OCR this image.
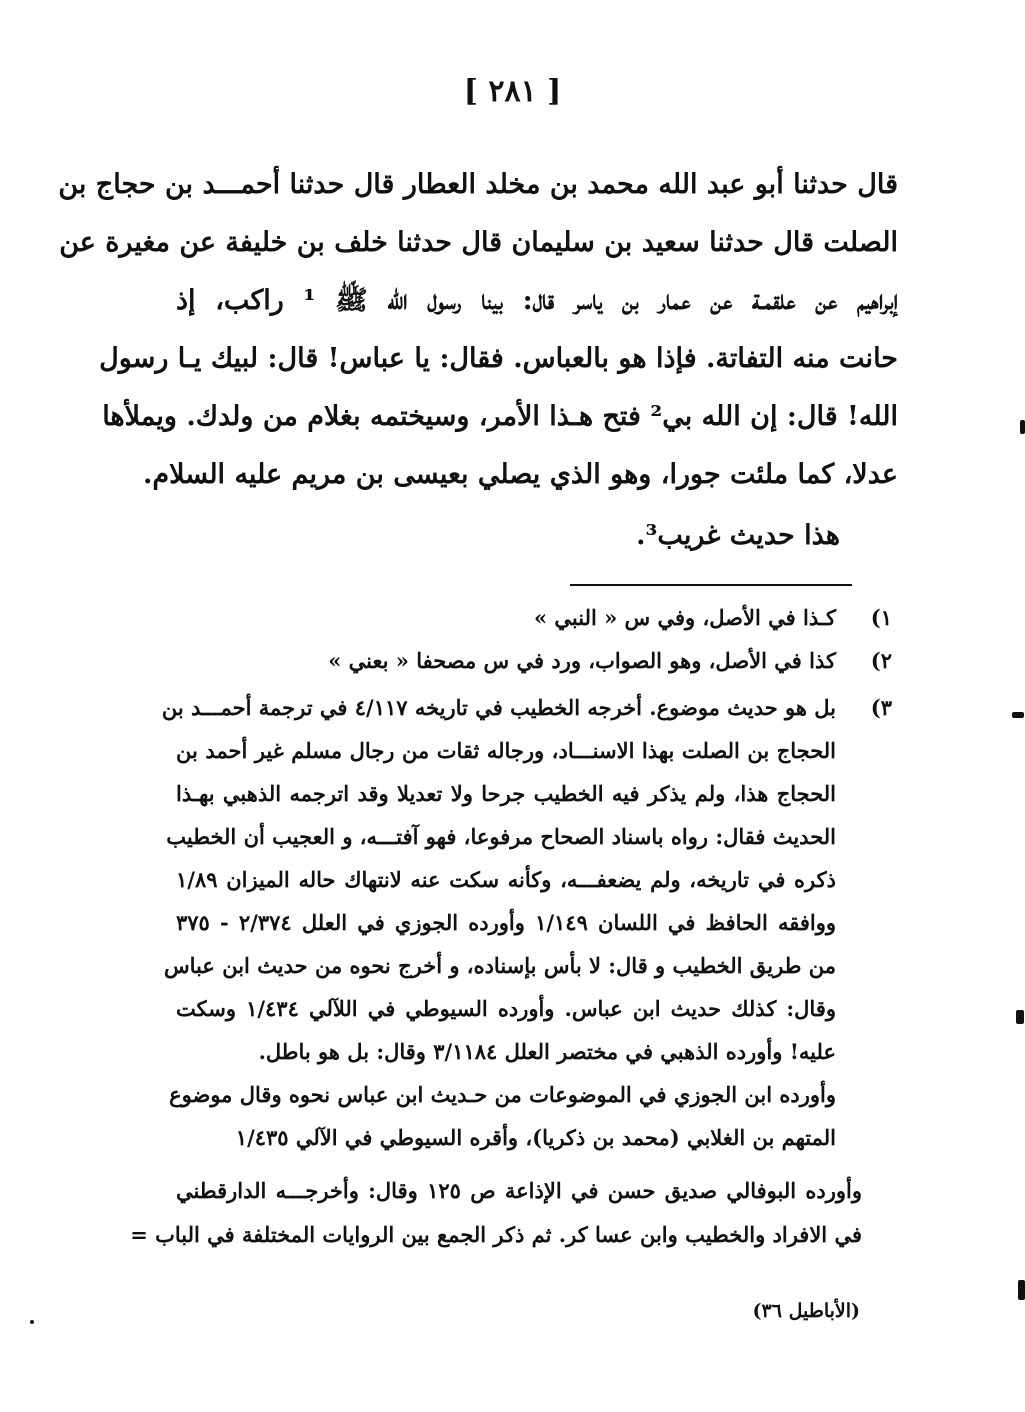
[ ٢٨١ ]
قال حدثنا أبو عبد الله محمد بن مخلد العطار قال حدثنا أحمـــد بن حجاج بن
الصلت قال حدثنا سعيد بن سليمان قال حدثنا خلف بن خليفة عن مغيرة عن
إبراهيم عن علقمـة عن عمار بن ياسر قال: بينا رسول الله ﷺ ¹ راكب، إذ
حانت منه التفاتة. فإذا هو بالعباس. فقال: يا عباس! قال: لبيك يـا رسول
الله! قال: إن الله بي² فتح هـذا الأمر، وسيختمه بغلام من ولدك. ويملأها
عدلا، كما ملئت جورا، وهو الذي يصلي بعيسى بن مريم عليه السلام.
هذا حديث غريب³.
١)
كـذا في الأصل، وفي س « النبي »
٢)
كذا في الأصل، وهو الصواب، ورد في س مصحفا « بعني »
٣)
بل هو حديث موضوع. أخرجه الخطيب في تاريخه ٤/١١٧ في ترجمة أحمـــد بن
الحجاج بن الصلت بهذا الاسنـــاد، ورجاله ثقات من رجال مسلم غير أحمد بن
الحجاج هذا، ولم يذكر فيه الخطيب جرحا ولا تعديلا وقد اترجمه الذهبي بهـذا
الحديث فقال: رواه باسناد الصحاح مرفوعا، فهو آفتـــه، و العجيب أن الخطيب
ذكره في تاريخه، ولم يضعفـــه، وكأنه سكت عنه لانتهاك حاله الميزان ١/٨٩
ووافقه الحافظ في اللسان ١/١٤٩ وأورده الجوزي في العلل ٢/٣٧٤ - ٣٧٥
من طريق الخطيب و قال: لا بأس بإسناده، و أخرج نحوه من حديث ابن عباس
وقال: كذلك حديث ابن عباس. وأورده السيوطي في اللآلي ١/٤٣٤ وسكت
عليه! وأورده الذهبي في مختصر العلل ٣/١١٨٤ وقال: بل هو باطل.
وأورده ابن الجوزي في الموضوعات من حـديث ابن عباس نحوه وقال موضوع
المتهم بن الغلابي (محمد بن ذكريا)، وأقره السيوطي في الآلي ١/٤٣٥
وأورده البوفالي صديق حسن في الإذاعة ص ١٢٥ وقال: وأخرجـــه الدارقطني
في الافراد والخطيب وابن عسا كر. ثم ذكر الجمع بين الروايات المختلفة في الباب =
(الأباطيل ٣٦)
